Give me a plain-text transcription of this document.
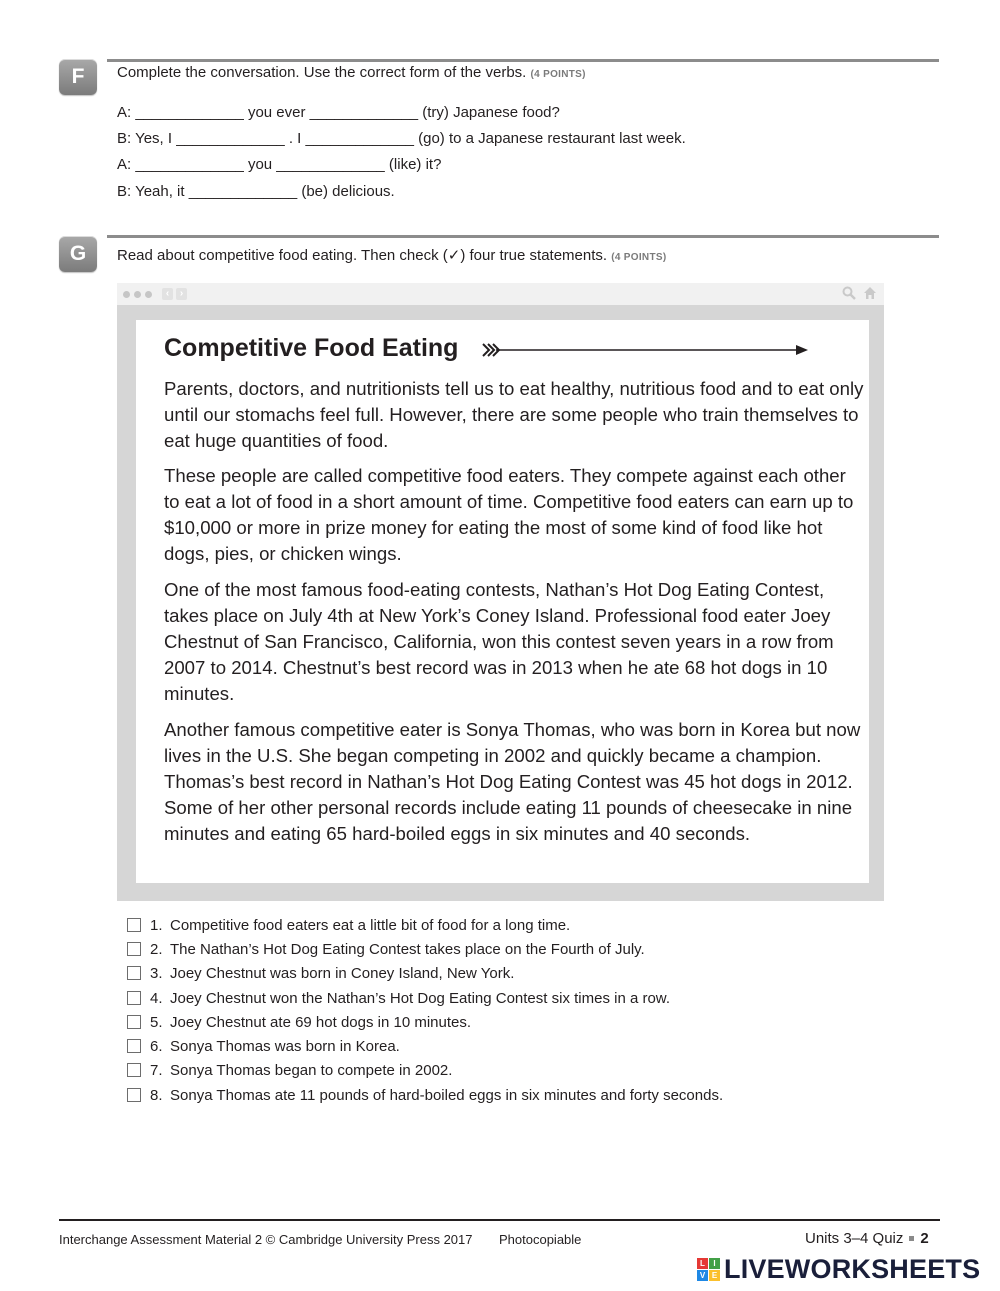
F	Complete the conversation. Use the correct form of the verbs. (4 POINTS)
A: _____________ you ever _____________ (try) Japanese food?
B: Yes, I _____________ . I _____________ (go) to a Japanese restaurant last week.
A: _____________ you _____________ (like) it?
B: Yeah, it _____________ (be) delicious.
G	Read about competitive food eating. Then check (✓) four true statements. (4 POINTS)
‹	›
Competitive Food Eating
Parents, doctors, and nutritionists tell us to eat healthy, nutritious food and to eat only until our stomachs feel full. However, there are some people who train themselves to eat huge quantities of food.
These people are called competitive food eaters. They compete against each other to eat a lot of food in a short amount of time. Competitive food eaters can earn up to $10,000 or more in prize money for eating the most of some kind of food like hot dogs, pies, or chicken wings.
One of the most famous food-eating contests, Nathan’s Hot Dog Eating Contest, takes place on July 4th at New York’s Coney Island. Professional food eater Joey Chestnut of San Francisco, California, won this contest seven years in a row from 2007 to 2014. Chestnut’s best record was in 2013 when he ate 68 hot dogs in 10 minutes.
Another famous competitive eater is Sonya Thomas, who was born in Korea but now lives in the U.S. She began competing in 2002 and quickly became a champion. Thomas’s best record in Nathan’s Hot Dog Eating Contest was 45 hot dogs in 2012. Some of her other personal records include eating 11 pounds of cheesecake in nine minutes and eating 65 hard-boiled eggs in six minutes and 40 seconds.
1. Competitive food eaters eat a little bit of food for a long time.
2. The Nathan’s Hot Dog Eating Contest takes place on the Fourth of July.
3. Joey Chestnut was born in Coney Island, New York.
4. Joey Chestnut won the Nathan’s Hot Dog Eating Contest six times in a row.
5. Joey Chestnut ate 69 hot dogs in 10 minutes.
6. Sonya Thomas was born in Korea.
7. Sonya Thomas began to compete in 2002.
8. Sonya Thomas ate 11 pounds of hard-boiled eggs in six minutes and forty seconds.
Interchange Assessment Material 2 © Cambridge University Press 2017 Photocopiable	Units 3–4 Quiz 2
L	I
V E LIVEWORKSHEETS
